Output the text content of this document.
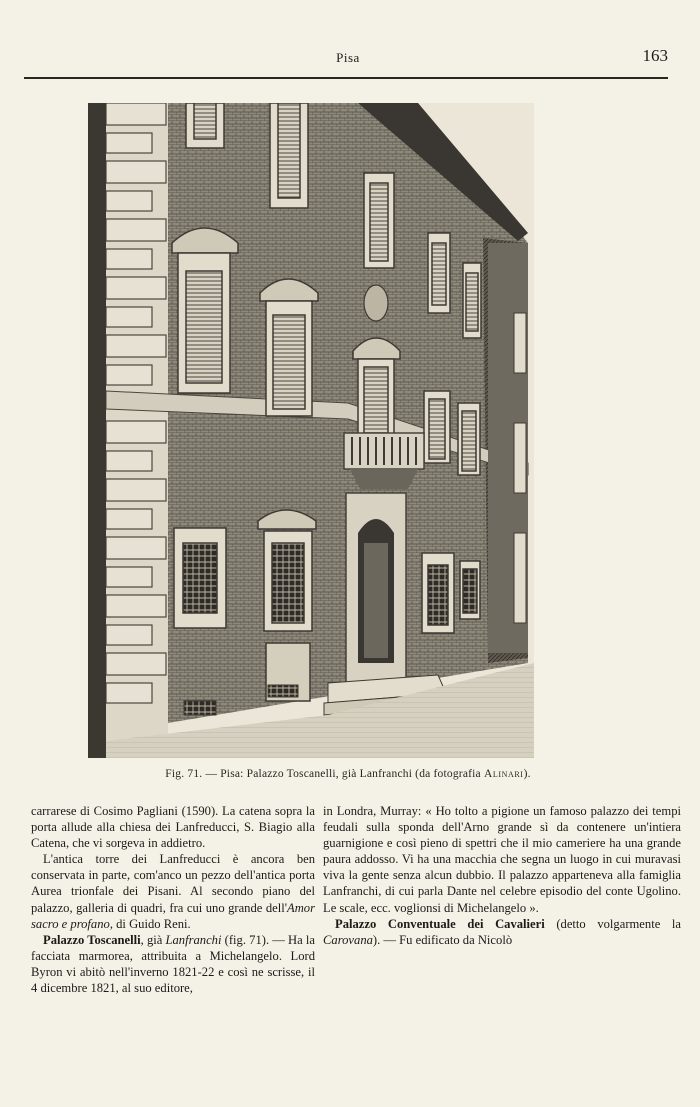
Pisa	163
Fig. 71. — Pisa: Palazzo Toscanelli, già Lanfranchi (da fotografia Alinari).

carrarese di Cosimo Pagliani (1590). La catena sopra la porta allude alla chiesa dei Lanfreducci, S. Biagio alla Catena, che vi sorgeva in addietro.

L'antica torre dei Lanfreducci è ancora ben conservata in parte, com'anco un pezzo dell'antica porta Aurea trionfale dei Pisani. Al secondo piano del palazzo, galleria di quadri, fra cui uno grande dell'Amor sacro e profano, di Guido Reni.

Palazzo Toscanelli, già Lanfranchi (fig. 71). — Ha la facciata marmorea, attribuita a Michelangelo. Lord Byron vi abitò nell'inverno 1821-22 e così ne scrisse, il 4 dicembre 1821, al suo editore,

in Londra, Murray: « Ho tolto a pigione un famoso palazzo dei tempi feudali sulla sponda dell'Arno grande sì da contenere un'intiera guarnigione e così pieno di spettri che il mio cameriere ha una grande paura addosso. Vi ha una macchia che segna un luogo in cui muravasi viva la gente senza alcun dubbio. Il palazzo apparteneva alla famiglia Lanfranchi, di cui parla Dante nel celebre episodio del conte Ugolino. Le scale, ecc. voglionsi di Michelangelo ».

Palazzo Conventuale dei Cavalieri (detto volgarmente la Carovana). — Fu edificato da Nicolò
